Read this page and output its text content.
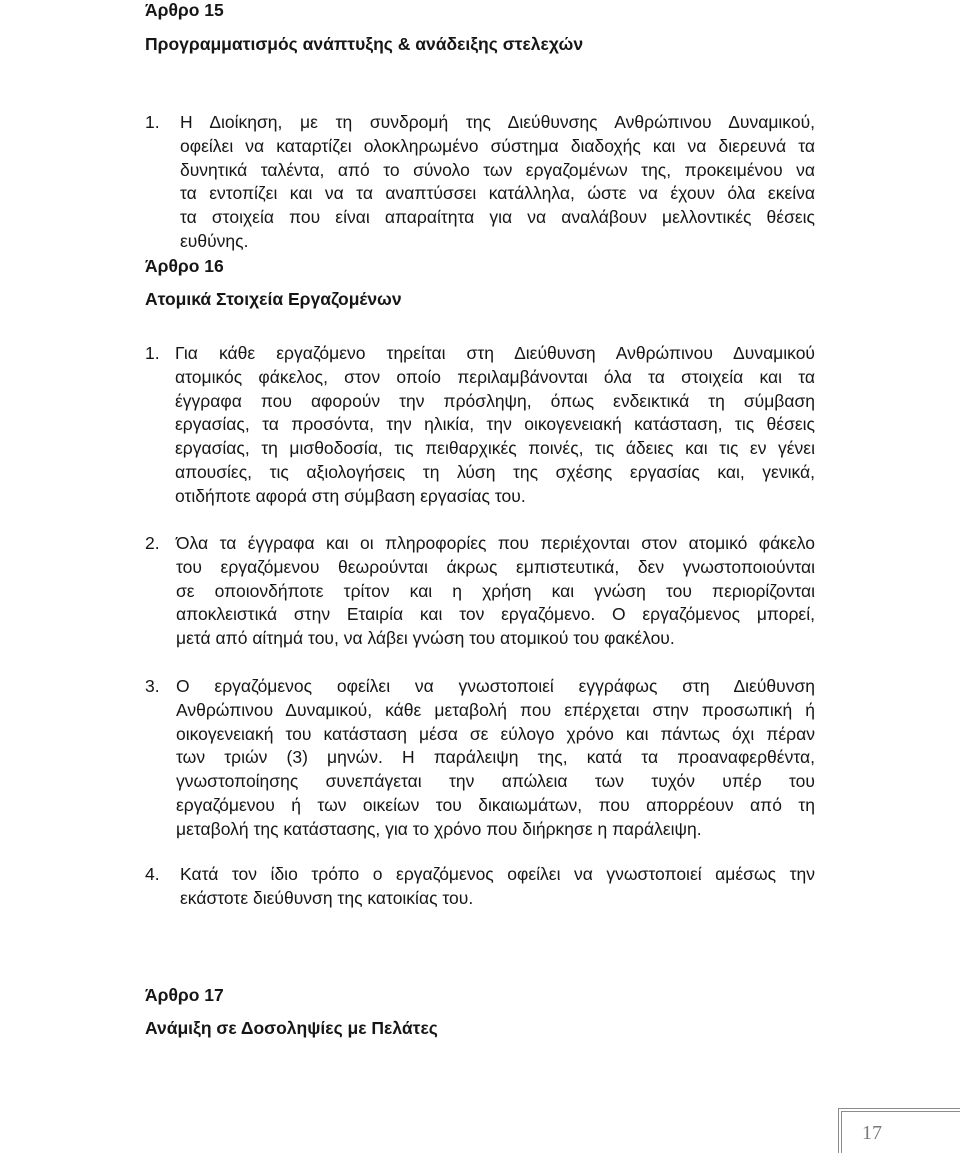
Άρθρο 15
Προγραμματισμός ανάπτυξης & ανάδειξης στελεχών
1. Η Διοίκηση, με τη συνδρομή της Διεύθυνσης Ανθρώπινου Δυναμικού,
οφείλει να καταρτίζει ολοκληρωμένο σύστημα διαδοχής και να διερευνά τα
δυνητικά ταλέντα, από το σύνολο των εργαζομένων της, προκειμένου να
τα εντοπίζει και να τα αναπτύσσει κατάλληλα, ώστε να έχουν όλα εκείνα
τα στοιχεία που είναι απαραίτητα για να αναλάβουν μελλοντικές θέσεις
ευθύνης.
Άρθρο 16
Ατομικά Στοιχεία Εργαζομένων
1. Για κάθε εργαζόμενο τηρείται στη Διεύθυνση Ανθρώπινου Δυναμικού
ατομικός φάκελος, στον οποίο περιλαμβάνονται όλα τα στοιχεία και τα
έγγραφα που αφορούν την πρόσληψη, όπως ενδεικτικά τη σύμβαση
εργασίας, τα προσόντα, την ηλικία, την οικογενειακή κατάσταση, τις θέσεις
εργασίας, τη μισθοδοσία, τις πειθαρχικές ποινές, τις άδειες και τις εν γένει
απουσίες, τις αξιολογήσεις τη λύση της σχέσης εργασίας και, γενικά,
οτιδήποτε αφορά στη σύμβαση εργασίας του.
2. Όλα τα έγγραφα και οι πληροφορίες που περιέχονται στον ατομικό φάκελο
του εργαζόμενου θεωρούνται άκρως εμπιστευτικά, δεν γνωστοποιούνται
σε οποιονδήποτε τρίτον και η χρήση και γνώση του περιορίζονται
αποκλειστικά στην Εταιρία και τον εργαζόμενο. Ο εργαζόμενος μπορεί,
μετά από αίτημά του, να λάβει γνώση του ατομικού του φακέλου.
3. Ο εργαζόμενος οφείλει να γνωστοποιεί εγγράφως στη Διεύθυνση
Ανθρώπινου Δυναμικού, κάθε μεταβολή που επέρχεται στην προσωπική ή
οικογενειακή του κατάσταση μέσα σε εύλογο χρόνο και πάντως όχι πέραν
των τριών (3) μηνών. Η παράλειψη της, κατά τα προαναφερθέντα,
γνωστοποίησης συνεπάγεται την απώλεια των τυχόν υπέρ του
εργαζόμενου ή των οικείων του δικαιωμάτων, που απορρέουν από τη
μεταβολή της κατάστασης, για το χρόνο που διήρκησε η παράλειψη.
4. Κατά τον ίδιο τρόπο ο εργαζόμενος οφείλει να γνωστοποιεί αμέσως την
εκάστοτε διεύθυνση της κατοικίας του.
Άρθρο 17
Ανάμιξη σε Δοσοληψίες με Πελάτες
17
